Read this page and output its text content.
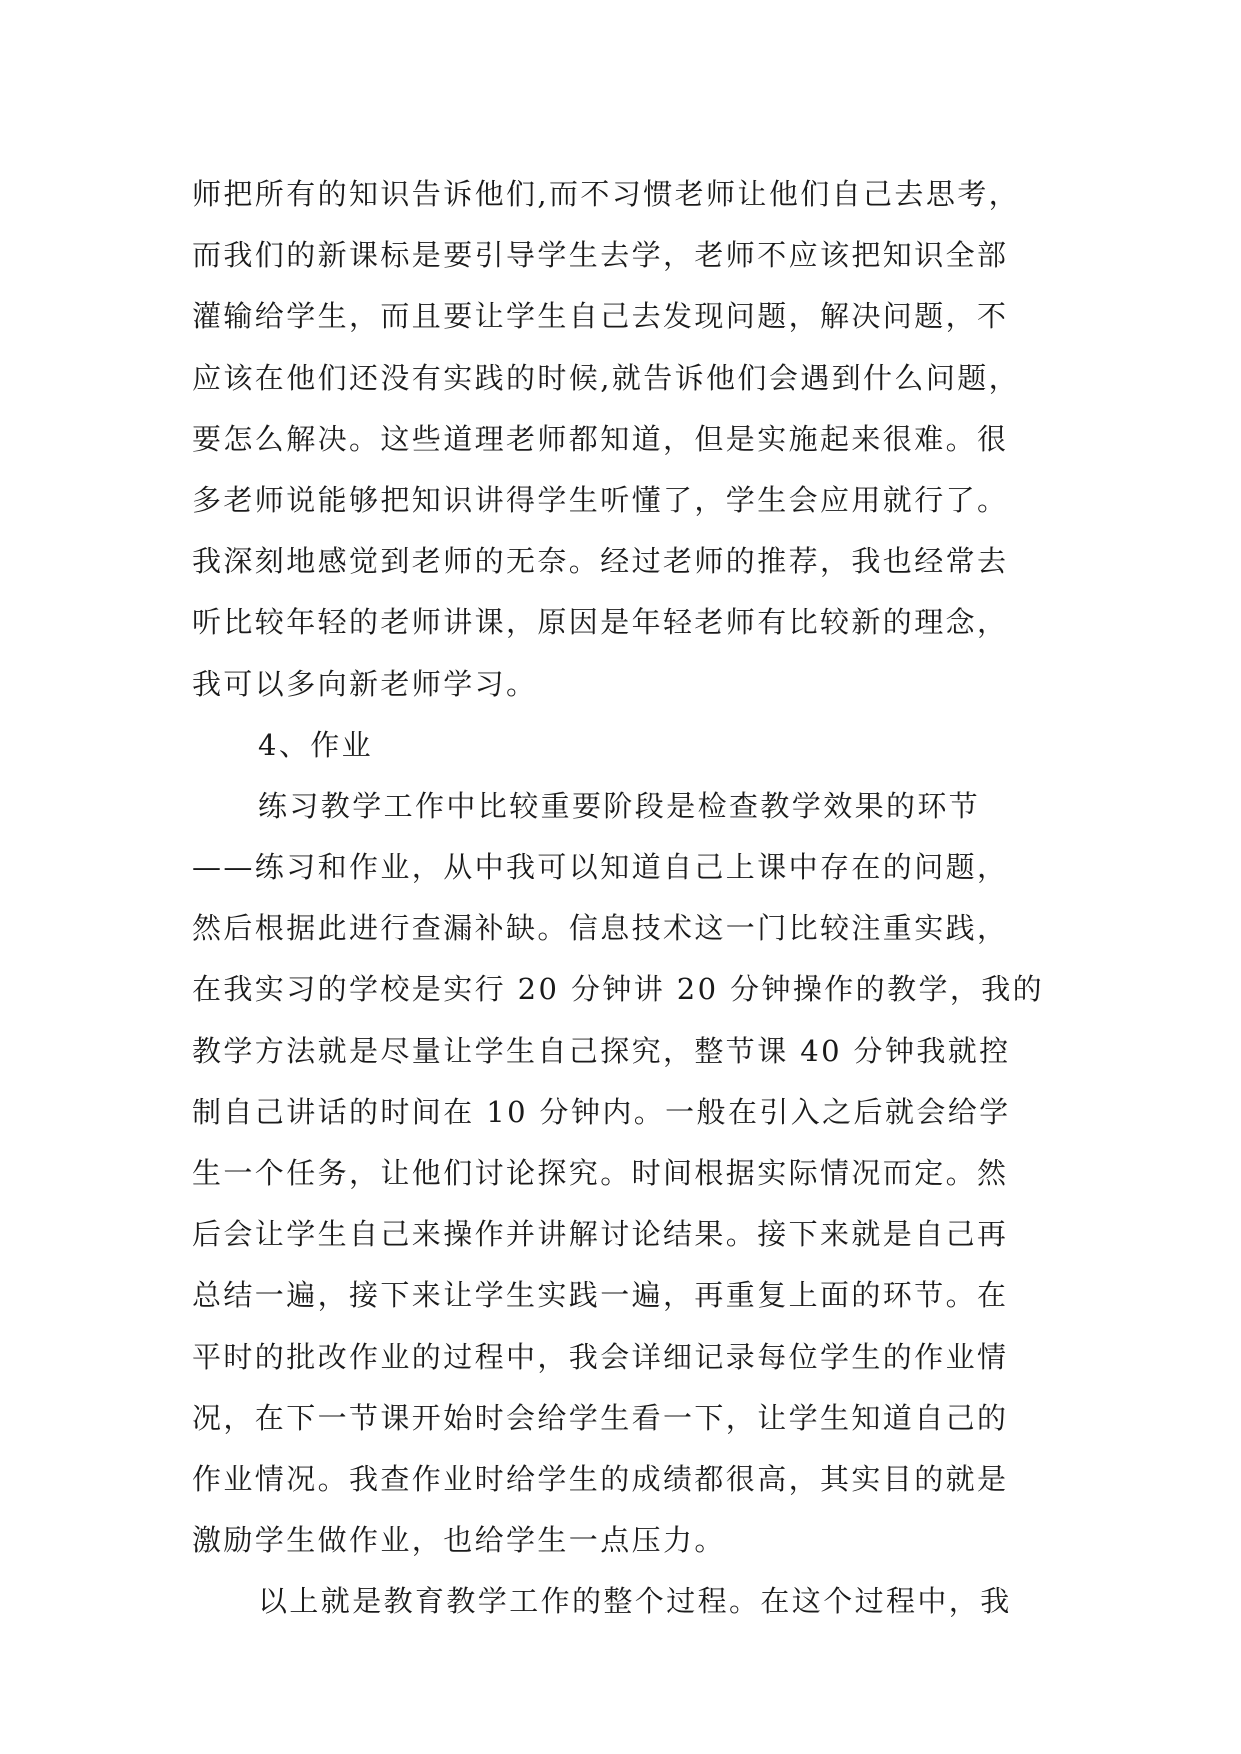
师把所有的知识告诉他们,而不习惯老师让他们自己去思考，
而我们的新课标是要引导学生去学，老师不应该把知识全部
灌输给学生，而且要让学生自己去发现问题，解决问题，不
应该在他们还没有实践的时候,就告诉他们会遇到什么问题，
要怎么解决。这些道理老师都知道，但是实施起来很难。很
多老师说能够把知识讲得学生听懂了，学生会应用就行了。
我深刻地感觉到老师的无奈。经过老师的推荐，我也经常去
听比较年轻的老师讲课，原因是年轻老师有比较新的理念，
我可以多向新老师学习。
4、作业
练习教学工作中比较重要阶段是检查教学效果的环节
——练习和作业，从中我可以知道自己上课中存在的问题，
然后根据此进行查漏补缺。信息技术这一门比较注重实践，
在我实习的学校是实行 20 分钟讲 20 分钟操作的教学，我的
教学方法就是尽量让学生自己探究，整节课 40 分钟我就控
制自己讲话的时间在 10 分钟内。一般在引入之后就会给学
生一个任务，让他们讨论探究。时间根据实际情况而定。然
后会让学生自己来操作并讲解讨论结果。接下来就是自己再
总结一遍，接下来让学生实践一遍，再重复上面的环节。在
平时的批改作业的过程中，我会详细记录每位学生的作业情
况，在下一节课开始时会给学生看一下，让学生知道自己的
作业情况。我查作业时给学生的成绩都很高，其实目的就是
激励学生做作业，也给学生一点压力。
以上就是教育教学工作的整个过程。在这个过程中，我
